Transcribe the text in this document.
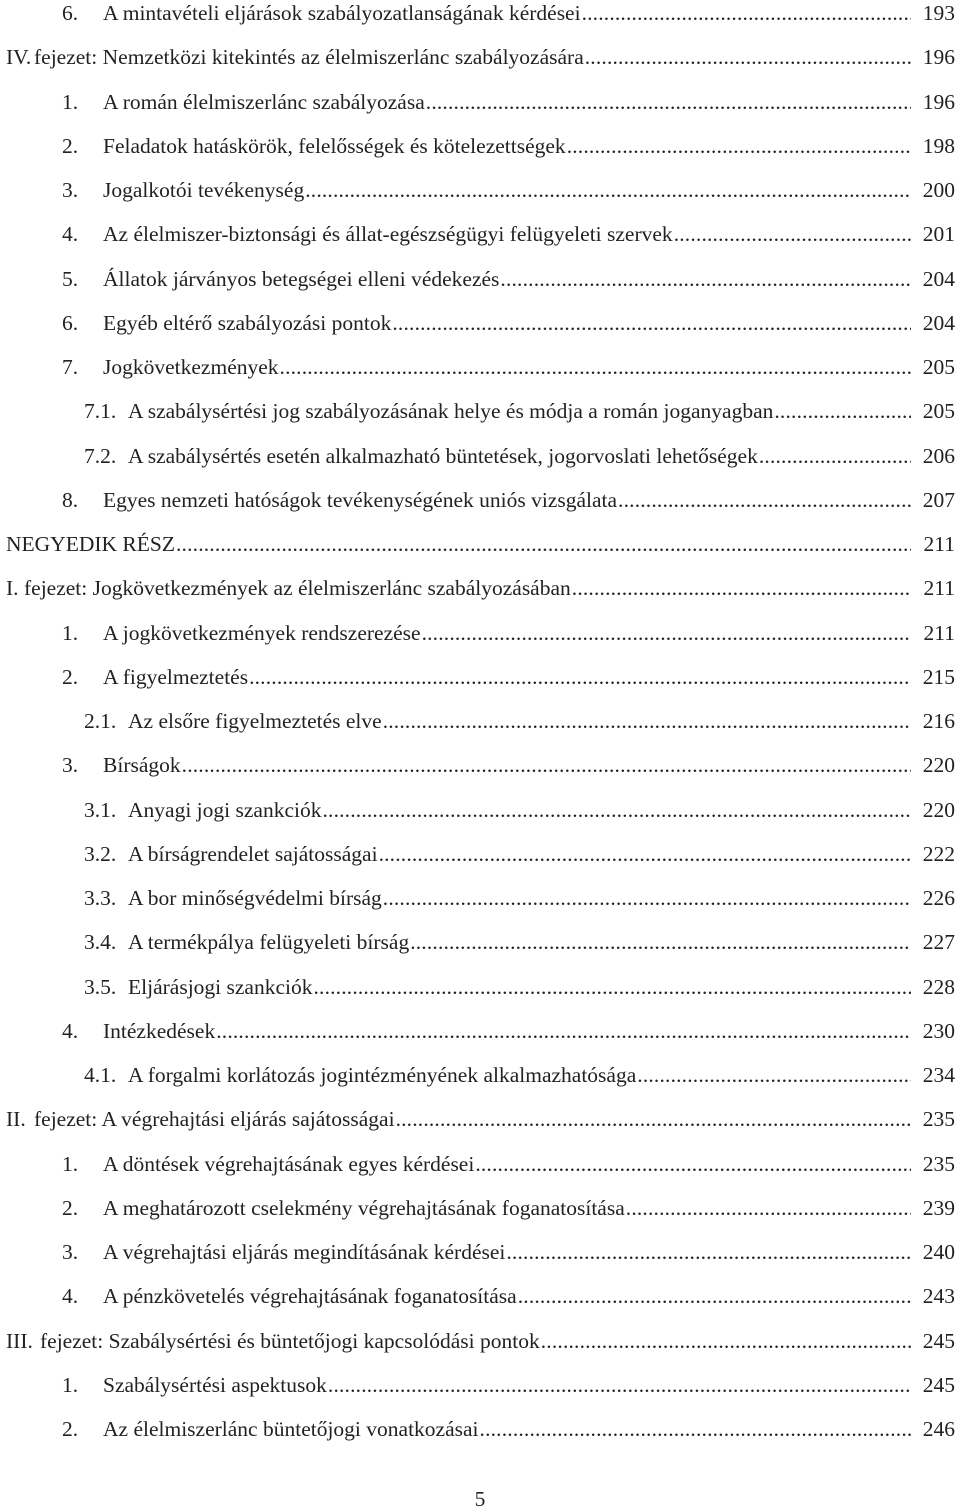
6. A mintavételi eljárások szabályozatlanságának kérdései . . .	193
IV. fejezet: Nemzetközi kitekintés az élelmiszerlánc szabályozására . . .	196
1. A román élelmiszerlánc szabályozása . . .	196
2. Feladatok hatáskörök, felelősségek és kötelezettségek . . .	198
3. Jogalkotói tevékenység . . .	200
4. Az élelmiszer-biztonsági és állat-egészségügyi felügyeleti szervek . . .	201
5. Állatok járványos betegségei elleni védekezés . . .	204
6. Egyéb eltérő szabályozási pontok . . .	204
7. Jogkövetkezmények . . .	205
7.1. A szabálysértési jog szabályozásának helye és módja a román joganyagban . . .	205
7.2. A szabálysértés esetén alkalmazható büntetések, jogorvoslati lehetőségek . . .	206
8. Egyes nemzeti hatóságok tevékenységének uniós vizsgálata . . .	207
NEGYEDIK RÉSZ . . .	211
I. fejezet: Jogkövetkezmények az élelmiszerlánc szabályozásában . . .	211
1. A jogkövetkezmények rendszerezése . . .	211
2. A figyelmeztetés . . .	215
2.1. Az elsőre figyelmeztetés elve . . .	216
3. Bírságok . . .	220
3.1. Anyagi jogi szankciók . . .	220
3.2. A bírságrendelet sajátosságai . . .	222
3.3. A bor minőségvédelmi bírság . . .	226
3.4. A termékpálya felügyeleti bírság . . .	227
3.5. Eljárásjogi szankciók . . .	228
4. Intézkedések . . .	230
4.1. A forgalmi korlátozás jogintézményének alkalmazhatósága . . .	234
II. fejezet: A végrehajtási eljárás sajátosságai . . .	235
1. A döntések végrehajtásának egyes kérdései . . .	235
2. A meghatározott cselekmény végrehajtásának foganatosítása . . .	239
3. A végrehajtási eljárás megindításának kérdései . . .	240
4. A pénzkövetelés végrehajtásának foganatosítása . . .	243
III. fejezet: Szabálysértési és büntetőjogi kapcsolódási pontok . . .	245
1. Szabálysértési aspektusok . . .	245
2. Az élelmiszerlánc büntetőjogi vonatkozásai . . .	246
5
